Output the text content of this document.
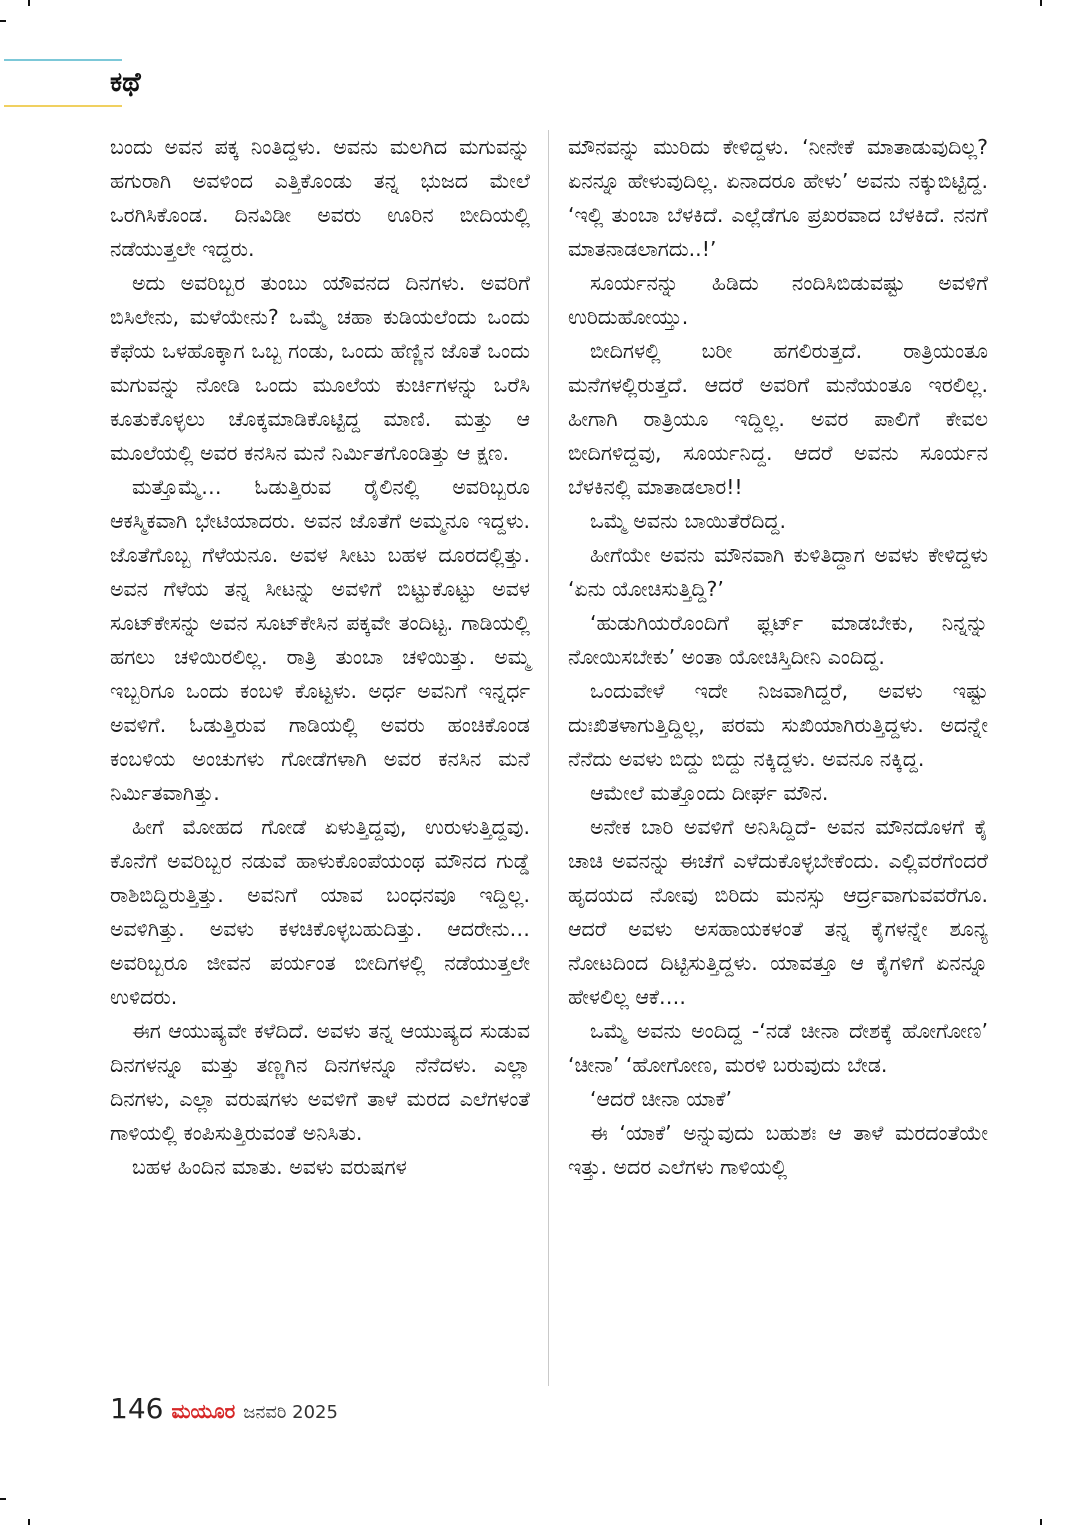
ಕಥೆ

ಬಂದು ಅವನ ಪಕ್ಕ ನಿಂತಿದ್ದಳು. ಅವನು ಮಲಗಿದ ಮಗುವನ್ನು ಹಗುರಾಗಿ ಅವಳಿಂದ ಎತ್ತಿಕೊಂಡು ತನ್ನ ಭುಜದ ಮೇಲೆ ಒರಗಿಸಿಕೊಂಡ. ದಿನವಿಡೀ ಅವರು ಊರಿನ ಬೀದಿಯಲ್ಲಿ ನಡೆಯುತ್ತಲೇ ಇದ್ದರು.

ಅದು ಅವರಿಬ್ಬರ ತುಂಬು ಯೌವನದ ದಿನಗಳು. ಅವರಿಗೆ ಬಿಸಿಲೇನು, ಮಳೆಯೇನು? ಒಮ್ಮೆ ಚಹಾ ಕುಡಿಯಲೆಂದು ಒಂದು ಕೆಫೆಯ ಒಳಹೊಕ್ಕಾಗ ಒಬ್ಬ ಗಂಡು, ಒಂದು ಹೆಣ್ಣಿನ ಜೊತೆ ಒಂದು ಮಗುವನ್ನು ನೋಡಿ ಒಂದು ಮೂಲೆಯ ಕುರ್ಚಿಗಳನ್ನು ಒರೆಸಿ ಕೂತುಕೊಳ್ಳಲು ಚೊಕ್ಕಮಾಡಿಕೊಟ್ಟಿದ್ದ ಮಾಣಿ. ಮತ್ತು ಆ ಮೂಲೆಯಲ್ಲಿ ಅವರ ಕನಸಿನ ಮನೆ ನಿರ್ಮಿತಗೊಂಡಿತ್ತು ಆ ಕ್ಷಣ.

ಮತ್ತೊಮ್ಮೆ… ಓಡುತ್ತಿರುವ ರೈಲಿನಲ್ಲಿ ಅವರಿಬ್ಬರೂ ಆಕಸ್ಮಿಕವಾಗಿ ಭೇಟಿಯಾದರು. ಅವನ ಜೊತೆಗೆ ಅಮ್ಮನೂ ಇದ್ದಳು. ಜೊತೆಗೊಬ್ಬ ಗೆಳೆಯನೂ. ಅವಳ ಸೀಟು ಬಹಳ ದೂರದಲ್ಲಿತ್ತು. ಅವನ ಗೆಳೆಯ ತನ್ನ ಸೀಟನ್ನು ಅವಳಿಗೆ ಬಿಟ್ಟುಕೊಟ್ಟು ಅವಳ ಸೂಟ್‌ಕೇಸನ್ನು ಅವನ ಸೂಟ್‌ಕೇಸಿನ ಪಕ್ಕವೇ ತಂದಿಟ್ಟ. ಗಾಡಿಯಲ್ಲಿ ಹಗಲು ಚಳಿಯಿರಲಿಲ್ಲ. ರಾತ್ರಿ ತುಂಬಾ ಚಳಿಯಿತ್ತು. ಅಮ್ಮ ಇಬ್ಬರಿಗೂ ಒಂದು ಕಂಬಳಿ ಕೊಟ್ಟಳು. ಅರ್ಧ ಅವನಿಗೆ ಇನ್ನರ್ಧ ಅವಳಿಗೆ. ಓಡುತ್ತಿರುವ ಗಾಡಿಯಲ್ಲಿ ಅವರು ಹಂಚಿಕೊಂಡ ಕಂಬಳಿಯ ಅಂಚುಗಳು ಗೋಡೆಗಳಾಗಿ ಅವರ ಕನಸಿನ ಮನೆ ನಿರ್ಮಿತವಾಗಿತ್ತು.

ಹೀಗೆ ಮೋಹದ ಗೋಡೆ ಏಳುತ್ತಿದ್ದವು, ಉರುಳುತ್ತಿದ್ದವು. ಕೊನೆಗೆ ಅವರಿಬ್ಬರ ನಡುವೆ ಹಾಳುಕೊಂಪೆಯಂಥ ಮೌನದ ಗುಡ್ಡೆ ರಾಶಿಬಿದ್ದಿರುತ್ತಿತ್ತು. ಅವನಿಗೆ ಯಾವ ಬಂಧನವೂ ಇದ್ದಿಲ್ಲ. ಅವಳಿಗಿತ್ತು. ಅವಳು ಕಳಚಿಕೊಳ್ಳಬಹುದಿತ್ತು. ಆದರೇನು… ಅವರಿಬ್ಬರೂ ಜೀವನ ಪರ್ಯಂತ ಬೀದಿಗಳಲ್ಲಿ ನಡೆಯುತ್ತಲೇ ಉಳಿದರು.

ಈಗ ಆಯುಷ್ಯವೇ ಕಳೆದಿದೆ. ಅವಳು ತನ್ನ ಆಯುಷ್ಯದ ಸುಡುವ ದಿನಗಳನ್ನೂ ಮತ್ತು ತಣ್ಣಗಿನ ದಿನಗಳನ್ನೂ ನೆನೆದಳು. ಎಲ್ಲಾ ದಿನಗಳು, ಎಲ್ಲಾ ವರುಷಗಳು ಅವಳಿಗೆ ತಾಳೆ ಮರದ ಎಲೆಗಳಂತೆ ಗಾಳಿಯಲ್ಲಿ ಕಂಪಿಸುತ್ತಿರುವಂತೆ ಅನಿಸಿತು.

ಬಹಳ ಹಿಂದಿನ ಮಾತು. ಅವಳು ವರುಷಗಳ

ಮೌನವನ್ನು ಮುರಿದು ಕೇಳಿದ್ದಳು. ‘ನೀನೇಕೆ ಮಾತಾಡುವುದಿಲ್ಲ? ಏನನ್ನೂ ಹೇಳುವುದಿಲ್ಲ. ಏನಾದರೂ ಹೇಳು’ ಅವನು ನಕ್ಕುಬಿಟ್ಟಿದ್ದ. ‘ಇಲ್ಲಿ ತುಂಬಾ ಬೆಳಕಿದೆ. ಎಲ್ಲೆಡೆಗೂ ಪ್ರಖರವಾದ ಬೆಳಕಿದೆ. ನನಗೆ ಮಾತನಾಡಲಾಗದು..!’

ಸೂರ್ಯನನ್ನು ಹಿಡಿದು ನಂದಿಸಿಬಿಡುವಷ್ಟು ಅವಳಿಗೆ ಉರಿದುಹೋಯ್ತು.

ಬೀದಿಗಳಲ್ಲಿ ಬರೀ ಹಗಲಿರುತ್ತದೆ. ರಾತ್ರಿಯಂತೂ ಮನೆಗಳಲ್ಲಿರುತ್ತದೆ. ಆದರೆ ಅವರಿಗೆ ಮನೆಯಂತೂ ಇರಲಿಲ್ಲ. ಹೀಗಾಗಿ ರಾತ್ರಿಯೂ ಇದ್ದಿಲ್ಲ. ಅವರ ಪಾಲಿಗೆ ಕೇವಲ ಬೀದಿಗಳಿದ್ದವು, ಸೂರ್ಯನಿದ್ದ. ಆದರೆ ಅವನು ಸೂರ್ಯನ ಬೆಳಕಿನಲ್ಲಿ ಮಾತಾಡಲಾರ!!

ಒಮ್ಮೆ ಅವನು ಬಾಯಿತೆರೆದಿದ್ದ.

ಹೀಗೆಯೇ ಅವನು ಮೌನವಾಗಿ ಕುಳಿತಿದ್ದಾಗ ಅವಳು ಕೇಳಿದ್ದಳು ‘ಏನು ಯೋಚಿಸುತ್ತಿದ್ದಿ?’

‘ಹುಡುಗಿಯರೊಂದಿಗೆ ಫ್ಲರ್ಟ್ ಮಾಡಬೇಕು, ನಿನ್ನನ್ನು ನೋಯಿಸಬೇಕು’ ಅಂತಾ ಯೋಚಿಸ್ತಿದೀನಿ ಎಂದಿದ್ದ.

ಒಂದುವೇಳೆ ಇದೇ ನಿಜವಾಗಿದ್ದರೆ, ಅವಳು ಇಷ್ಟು ದುಃಖಿತಳಾಗುತ್ತಿದ್ದಿಲ್ಲ, ಪರಮ ಸುಖಿಯಾಗಿರುತ್ತಿದ್ದಳು. ಅದನ್ನೇ ನೆನೆದು ಅವಳು ಬಿದ್ದು ಬಿದ್ದು ನಕ್ಕಿದ್ದಳು. ಅವನೂ ನಕ್ಕಿದ್ದ.

ಆಮೇಲೆ ಮತ್ತೊಂದು ದೀರ್ಘ ಮೌನ.

ಅನೇಕ ಬಾರಿ ಅವಳಿಗೆ ಅನಿಸಿದ್ದಿದೆ- ಅವನ ಮೌನದೊಳಗೆ ಕೈ ಚಾಚಿ ಅವನನ್ನು ಈಚೆಗೆ ಎಳೆದುಕೊಳ್ಳಬೇಕೆಂದು. ಎಲ್ಲಿವರೆಗೆಂದರೆ ಹೃದಯದ ನೋವು ಬಿರಿದು ಮನಸ್ಸು ಆರ್ದ್ರವಾಗುವವರೆಗೂ. ಆದರೆ ಅವಳು ಅಸಹಾಯಕಳಂತೆ ತನ್ನ ಕೈಗಳನ್ನೇ ಶೂನ್ಯ ನೋಟದಿಂದ ದಿಟ್ಟಿಸುತ್ತಿದ್ದಳು. ಯಾವತ್ತೂ ಆ ಕೈಗಳಿಗೆ ಏನನ್ನೂ ಹೇಳಲಿಲ್ಲ ಆಕೆ….

ಒಮ್ಮೆ ಅವನು ಅಂದಿದ್ದ -‘ನಡೆ ಚೀನಾ ದೇಶಕ್ಕೆ ಹೋಗೋಣ’ ‘ಚೀನಾ’ ‘ಹೋಗೋಣ, ಮರಳಿ ಬರುವುದು ಬೇಡ.

‘ಆದರೆ ಚೀನಾ ಯಾಕೆ’

ಈ ‘ಯಾಕೆ’ ಅನ್ನುವುದು ಬಹುಶಃ ಆ ತಾಳೆ ಮರದಂತೆಯೇ ಇತ್ತು. ಅದರ ಎಲೆಗಳು ಗಾಳಿಯಲ್ಲಿ

146 ಮಯೂರ ಜನವರಿ 2025
